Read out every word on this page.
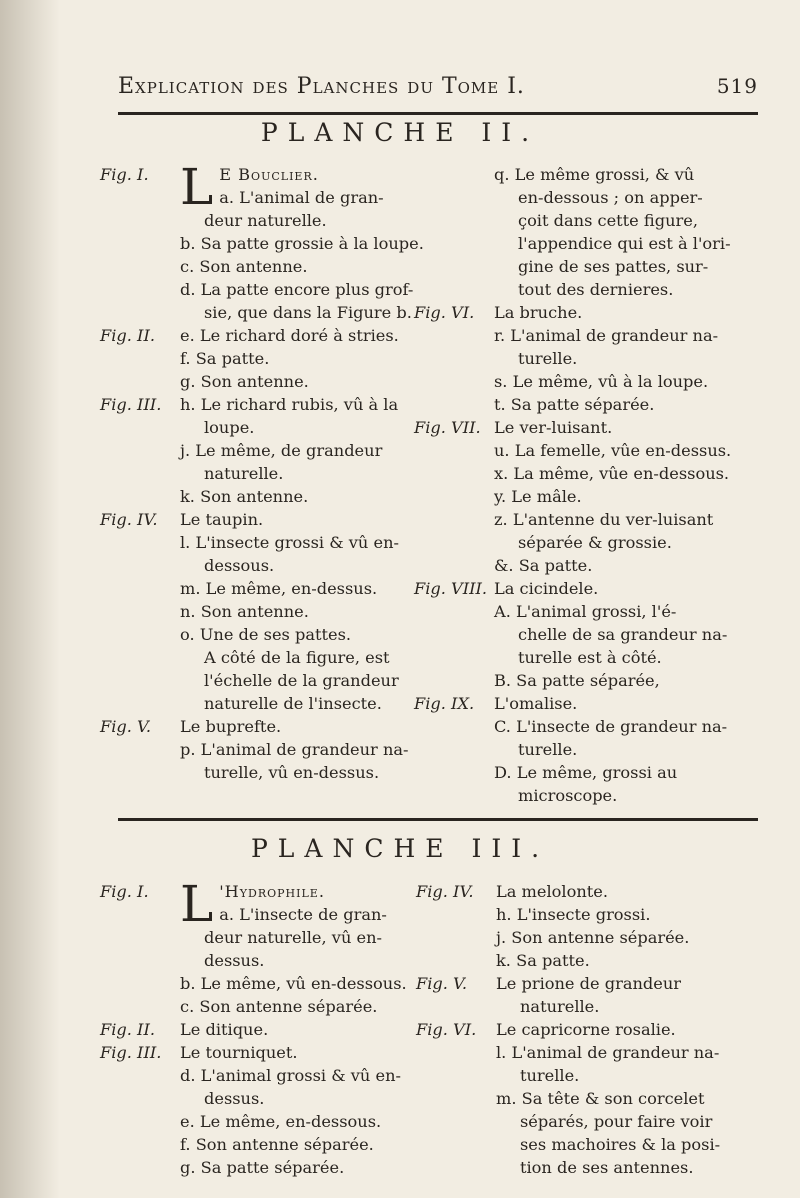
Explication des Planches du Tome I.	519
PLANCHE II.
Fig. I. L E Bouclier.
a. L'animal de gran-
deur naturelle.
b. Sa patte grossie à la loupe.
c. Son antenne.
d. La patte encore plus grof-
sie, que dans la Figure b.
Fig. II. e. Le richard doré à stries.
f. Sa patte.
g. Son antenne.
Fig. III. h. Le richard rubis, vû à la
loupe.
j. Le même, de grandeur
naturelle.
k. Son antenne.
Fig. IV. Le taupin.
l. L'insecte grossi & vû en-
dessous.
m. Le même, en-dessus.
n. Son antenne.
o. Une de ses pattes.
A côté de la figure, est
l'échelle de la grandeur
naturelle de l'insecte.
Fig. V. Le buprefte.
p. L'animal de grandeur na-
turelle, vû en-dessus.
q. Le même grossi, & vû
en-dessous ; on apper-
çoit dans cette figure,
l'appendice qui est à l'ori-
gine de ses pattes, sur-
tout des dernieres.
Fig. VI. La bruche.
r. L'animal de grandeur na-
turelle.
s. Le même, vû à la loupe.
t. Sa patte séparée.
Fig. VII. Le ver-luisant.
u. La femelle, vûe en-dessus.
x. La même, vûe en-dessous.
y. Le mâle.
z. L'antenne du ver-luisant
séparée & grossie.
&. Sa patte.
Fig. VIII. La cicindele.
A. L'animal grossi, l'é-
chelle de sa grandeur na-
turelle est à côté.
B. Sa patte séparée,
Fig. IX. L'omalise.
C. L'insecte de grandeur na-
turelle.
D. Le même, grossi au
microscope.
PLANCHE III.
Fig. I. L 'Hydrophile.
a. L'insecte de gran-
deur naturelle, vû en-
dessus.
b. Le même, vû en-dessous.
c. Son antenne séparée.
Fig. II. Le ditique.
Fig. III. Le tourniquet.
d. L'animal grossi & vû en-
dessus.
e. Le même, en-dessous.
f. Son antenne séparée.
g. Sa patte séparée.
Fig. IV. La melolonte.
h. L'insecte grossi.
j. Son antenne séparée.
k. Sa patte.
Fig. V. Le prione de grandeur
naturelle.
Fig. VI. Le capricorne rosalie.
l. L'animal de grandeur na-
turelle.
m. Sa tête & son corcelet
séparés, pour faire voir
ses machoires & la posi-
tion de ses antennes.
